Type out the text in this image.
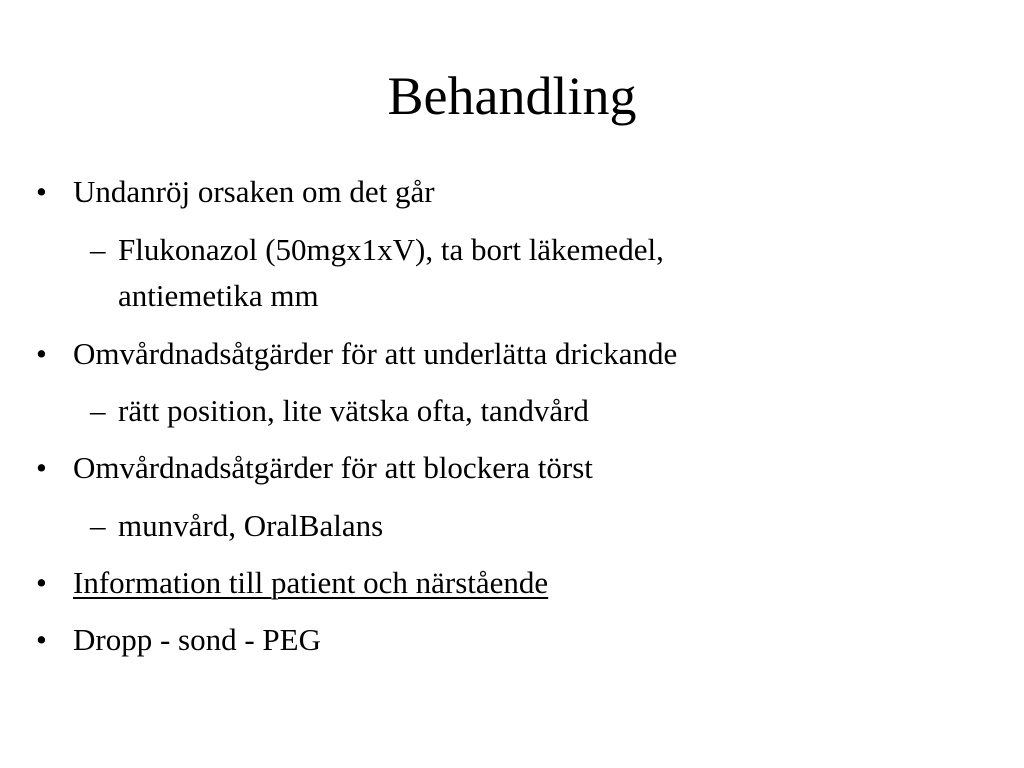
Behandling
• Undanröj orsaken om det går
– Flukonazol (50mgx1xV), ta bort läkemedel,
antiemetika mm
• Omvårdnadsåtgärder för att underlätta drickande
– rätt position, lite vätska ofta, tandvård
• Omvårdnadsåtgärder för att blockera törst
– munvård, OralBalans
• Information till patient och närstående
• Dropp - sond - PEG
